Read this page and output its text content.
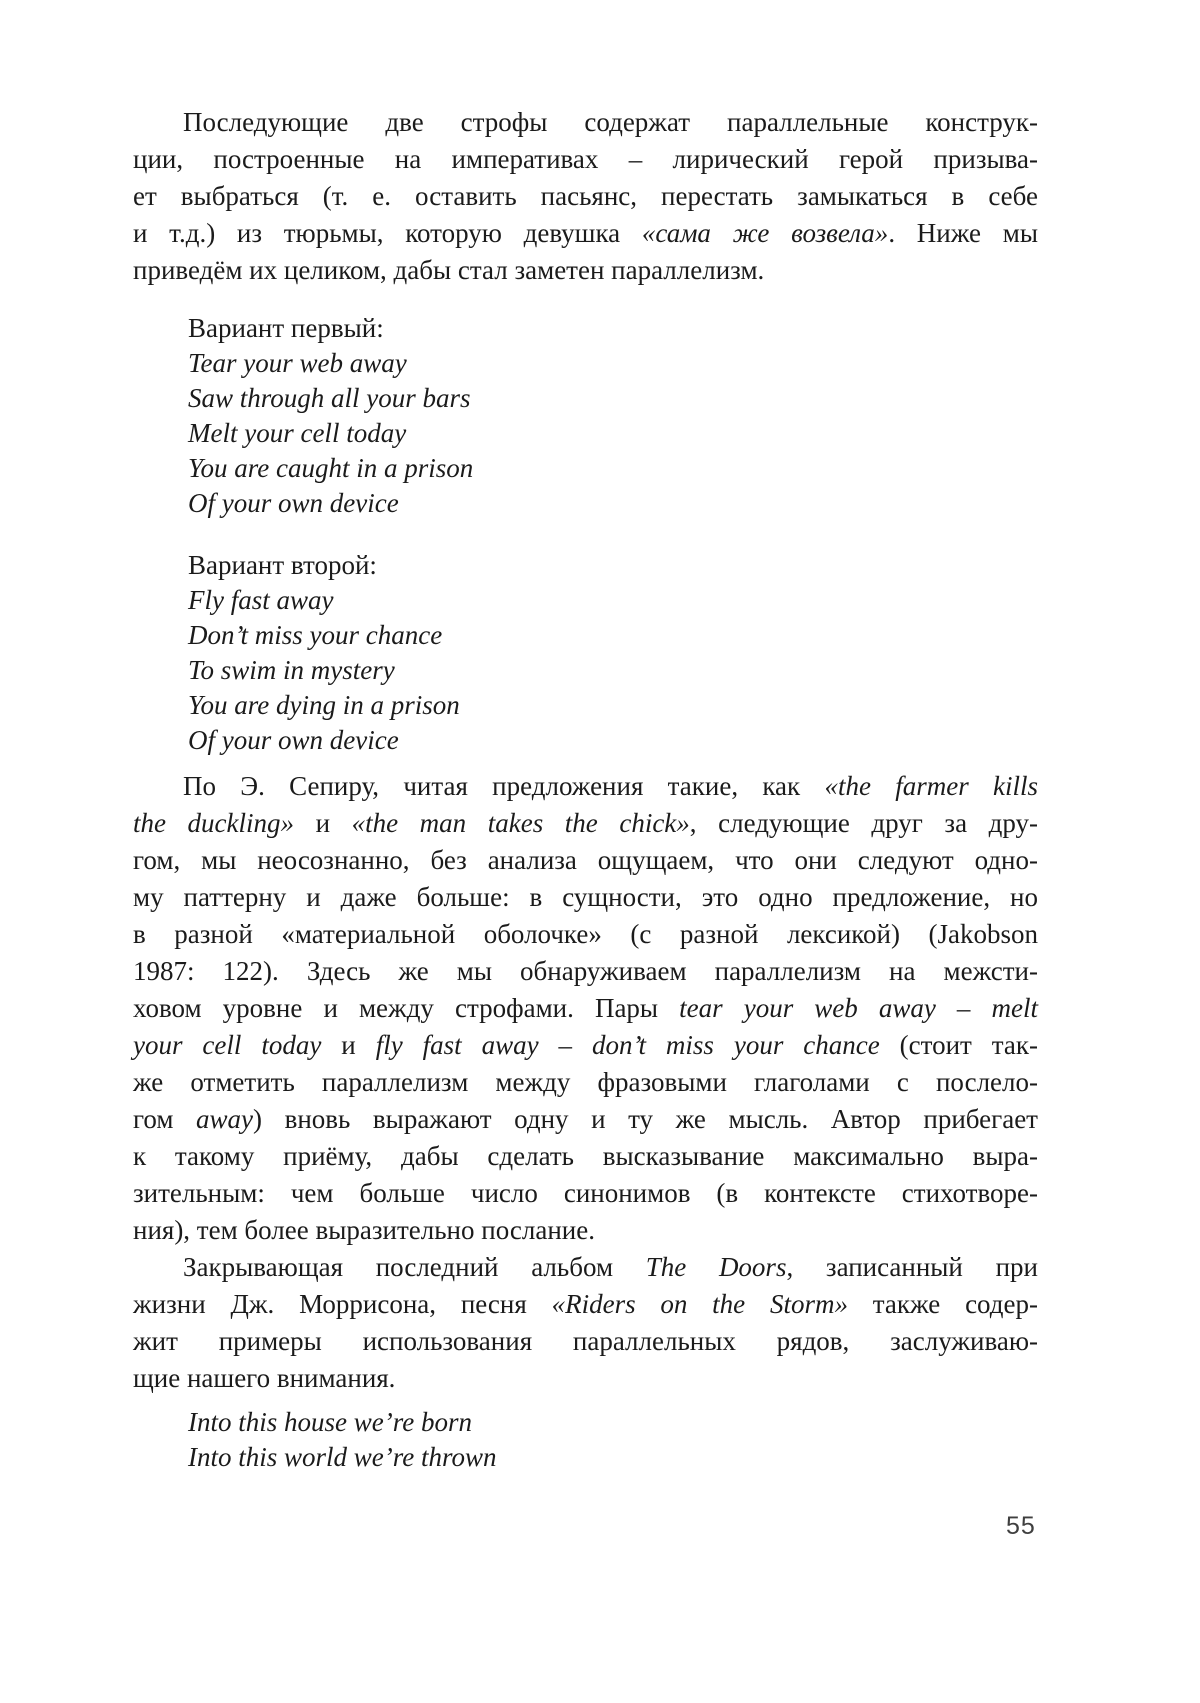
Последующие две строфы содержат параллельные конструк-
ции, построенные на императивах – лирический герой призыва-
ет выбраться (т. е. оставить пасьянс, перестать замыкаться в себе
и т.д.) из тюрьмы, которую девушка «сама же возвела». Ниже мы
приведём их целиком, дабы стал заметен параллелизм.
Вариант первый:
Tear your web away
Saw through all your bars
Melt your cell today
You are caught in a prison
Of your own device
Вариант второй:
Fly fast away
Don’t miss your chance
To swim in mystery
You are dying in a prison
Of your own device
По Э. Сепиру, читая предложения такие, как «the farmer kills
the duckling» и «the man takes the chick», следующие друг за дру-
гом, мы неосознанно, без анализа ощущаем, что они следуют одно-
му паттерну и даже больше: в сущности, это одно предложение, но
в разной «материальной оболочке» (с разной лексикой) (Jakobson
1987: 122). Здесь же мы обнаруживаем параллелизм на межсти-
ховом уровне и между строфами. Пары tear your web away – melt
your cell today и fly fast away – don’t miss your chance (стоит так-
же отметить параллелизм между фразовыми глаголами с послело-
гом away) вновь выражают одну и ту же мысль. Автор прибегает
к такому приёму, дабы сделать высказывание максимально выра-
зительным: чем больше число синонимов (в контексте стихотворе-
ния), тем более выразительно послание.
Закрывающая последний альбом The Doors, записанный при
жизни Дж. Моррисона, песня «Riders on the Storm» также содер-
жит примеры использования параллельных рядов, заслуживаю-
щие нашего внимания.
Into this house we’re born
Into this world we’re thrown
55
